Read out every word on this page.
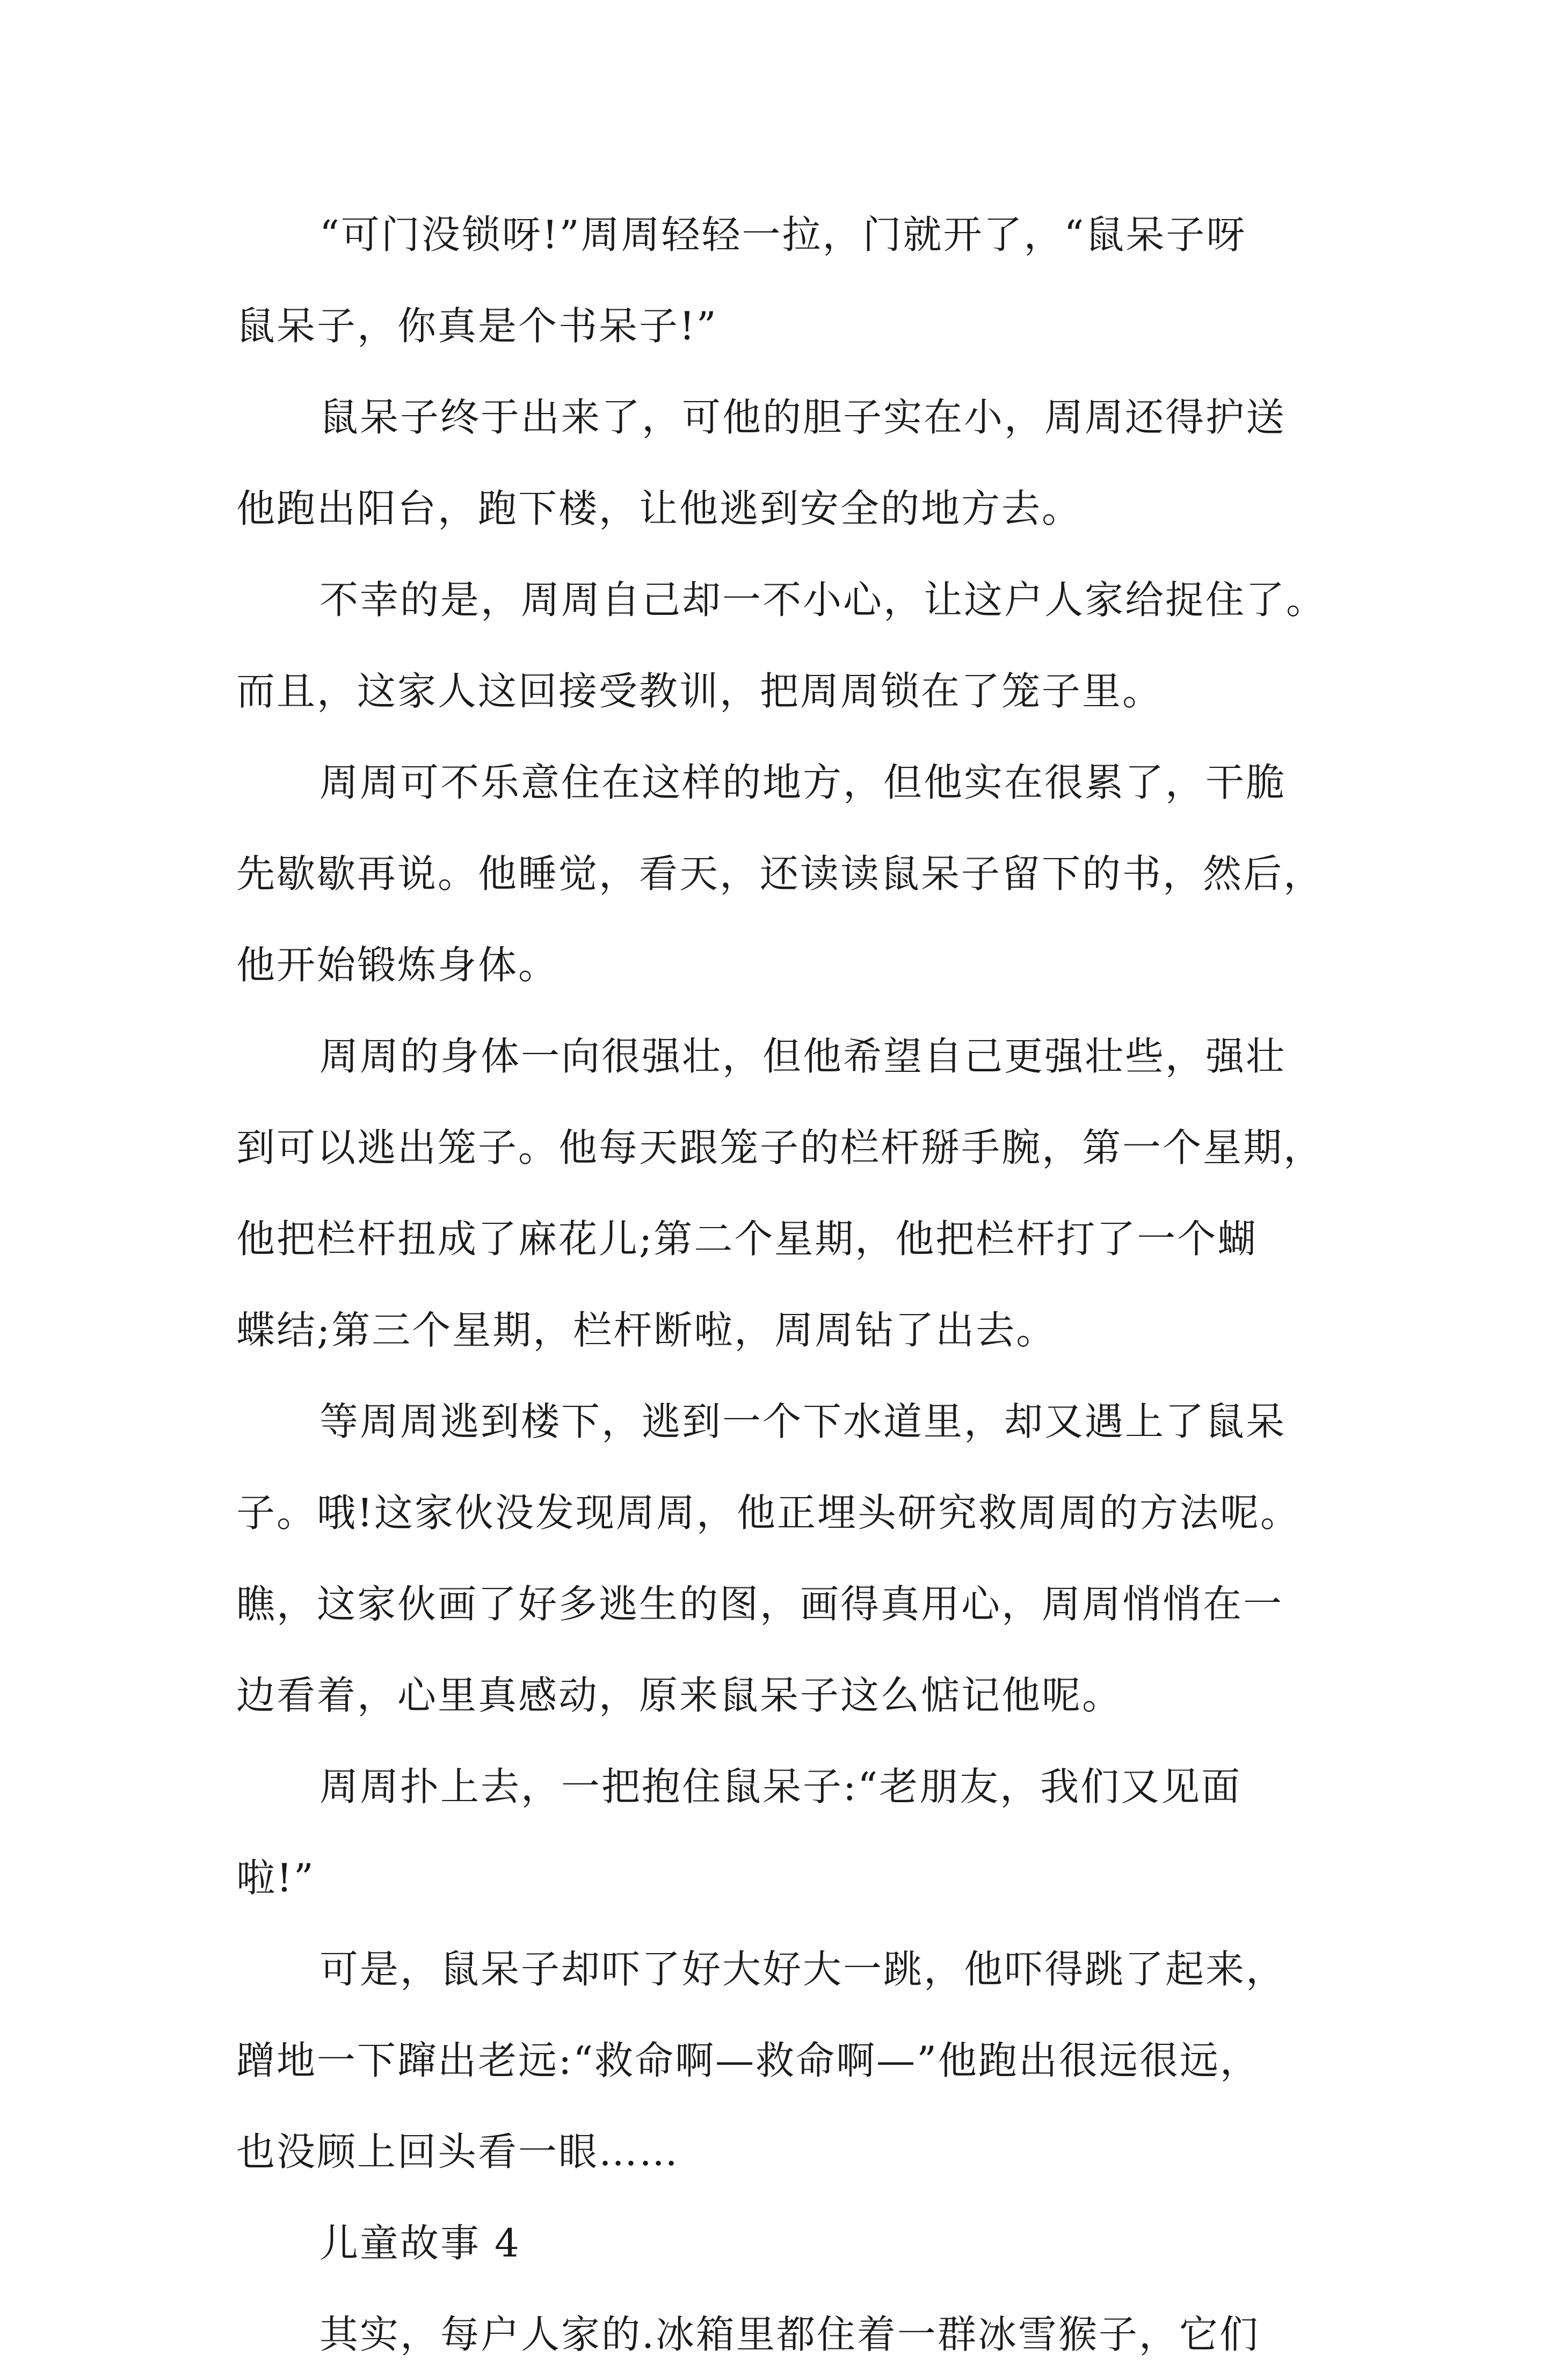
“可门没锁呀!”周周轻轻一拉，门就开了，“鼠呆子呀
鼠呆子，你真是个书呆子!”
鼠呆子终于出来了，可他的胆子实在小，周周还得护送
他跑出阳台，跑下楼，让他逃到安全的地方去。
不幸的是，周周自己却一不小心，让这户人家给捉住了。
而且，这家人这回接受教训，把周周锁在了笼子里。
周周可不乐意住在这样的地方，但他实在很累了，干脆
先歇歇再说。他睡觉，看天，还读读鼠呆子留下的书，然后，
他开始锻炼身体。
周周的身体一向很强壮，但他希望自己更强壮些，强壮
到可以逃出笼子。他每天跟笼子的栏杆掰手腕，第一个星期，
他把栏杆扭成了麻花儿;第二个星期，他把栏杆打了一个蝴
蝶结;第三个星期，栏杆断啦，周周钻了出去。
等周周逃到楼下，逃到一个下水道里，却又遇上了鼠呆
子。哦!这家伙没发现周周，他正埋头研究救周周的方法呢。
瞧，这家伙画了好多逃生的图，画得真用心，周周悄悄在一
边看着，心里真感动，原来鼠呆子这么惦记他呢。
周周扑上去，一把抱住鼠呆子:“老朋友，我们又见面
啦!”
可是，鼠呆子却吓了好大好大一跳，他吓得跳了起来，
蹭地一下蹿出老远:“救命啊—救命啊—”他跑出很远很远，
也没顾上回头看一眼……
儿童故事 4
其实，每户人家的.冰箱里都住着一群冰雪猴子，它们
